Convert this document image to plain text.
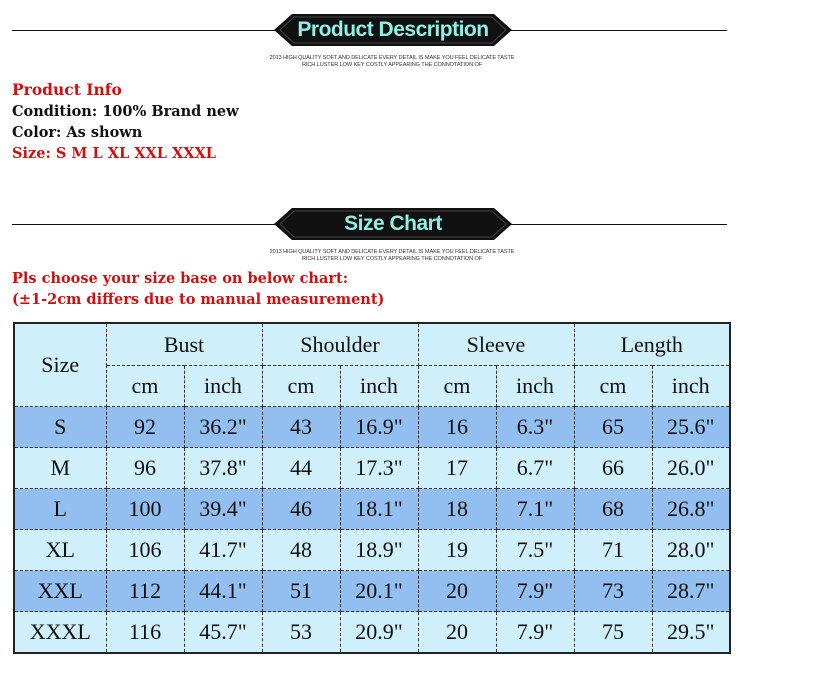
Product Description
2013 HIGH QUALITY SOFT AND DELICATE EVERY DETAIL IS MAKE YOU FEEL DELICATE TASTE
RICH LUSTER LOW KEY COSTLY APPEARING THE CONNOTATION OF
Product Info
Condition: 100% Brand new
Color: As shown
Size: S M L XL XXL XXXL
Size Chart
2013 HIGH QUALITY SOFT AND DELICATE EVERY DETAIL IS MAKE YOU FEEL DELICATE TASTE
RICH LUSTER LOW KEY COSTLY APPEARING THE CONNOTATION OF
Pls choose your size base on below chart:
(±1-2cm differs due to manual measurement)
Size	Bust		Shoulder		Sleeve		Length	
	cm	inch	cm	inch	cm	inch	cm	inch
S	92	36.2"	43	16.9"	16	6.3"	65	25.6"
M	96	37.8"	44	17.3"	17	6.7"	66	26.0"
L	100	39.4"	46	18.1"	18	7.1"	68	26.8"
XL	106	41.7"	48	18.9"	19	7.5"	71	28.0"
XXL	112	44.1"	51	20.1"	20	7.9"	73	28.7"
XXXL	116	45.7"	53	20.9"	20	7.9"	75	29.5"
